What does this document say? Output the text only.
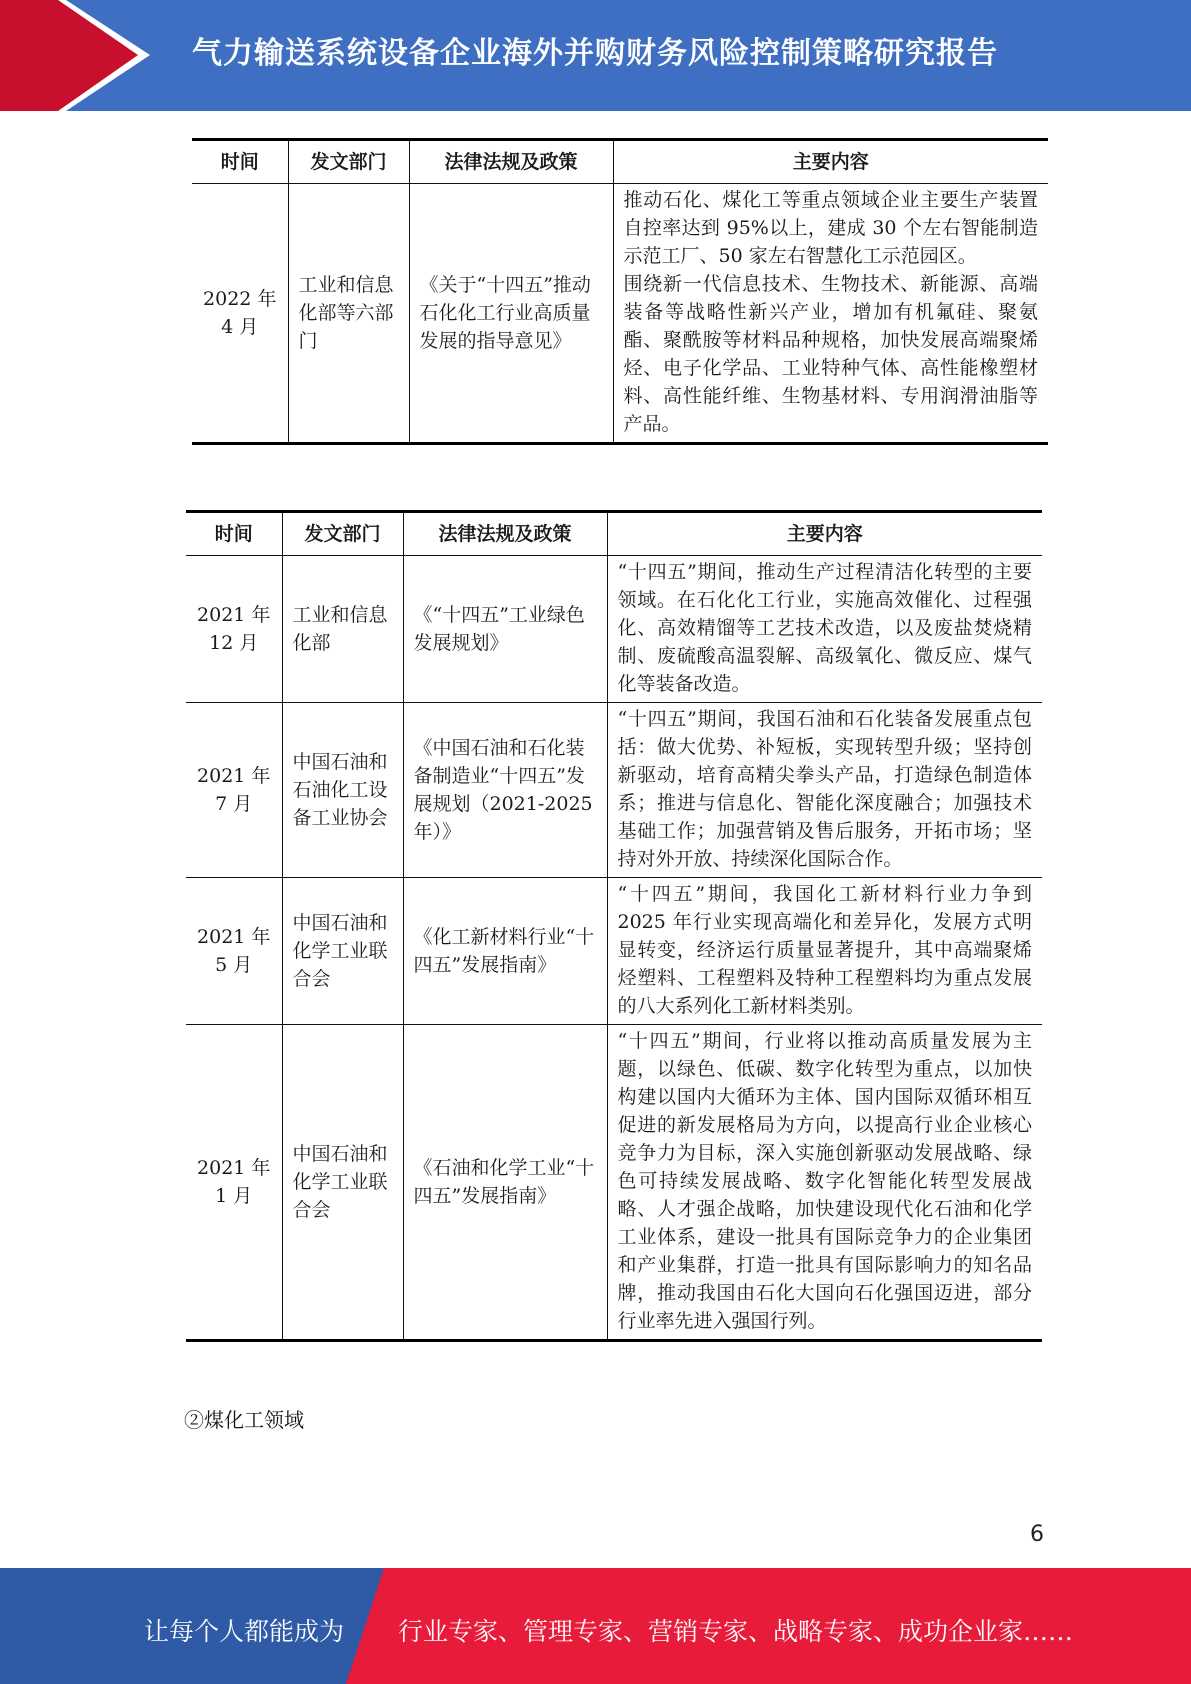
气力输送系统设备企业海外并购财务风险控制策略研究报告
时间	发文部门	法律法规及政策	主要内容
2022 年 4 月	工业和信息化部等六部门	《关于“十四五”推动石化化工行业高质量发展的指导意见》	推动石化、煤化工等重点领域企业主要生产装置自控率达到 95%以上，建成 30 个左右智能制造示范工厂、50 家左右智慧化工示范园区。
围绕新一代信息技术、生物技术、新能源、高端装备等战略性新兴产业，增加有机氟硅、聚氨酯、聚酰胺等材料品种规格，加快发展高端聚烯烃、电子化学品、工业特种气体、高性能橡塑材料、高性能纤维、生物基材料、专用润滑油脂等产品。
时间	发文部门	法律法规及政策	主要内容
2021 年 12 月	工业和信息化部	《“十四五”工业绿色发展规划》	“十四五”期间，推动生产过程清洁化转型的主要领域。在石化化工行业，实施高效催化、过程强化、高效精馏等工艺技术改造，以及废盐焚烧精制、废硫酸高温裂解、高级氧化、微反应、煤气化等装备改造。
2021 年 7 月	中国石油和石油化工设备工业协会	《中国石油和石化装备制造业“十四五”发展规划（2021-2025 年）》	“十四五”期间，我国石油和石化装备发展重点包括：做大优势、补短板，实现转型升级；坚持创新驱动，培育高精尖拳头产品，打造绿色制造体系；推进与信息化、智能化深度融合；加强技术基础工作；加强营销及售后服务，开拓市场；坚持对外开放、持续深化国际合作。
2021 年 5 月	中国石油和化学工业联合会	《化工新材料行业“十四五”发展指南》	“十四五”期间，我国化工新材料行业力争到 2025 年行业实现高端化和差异化，发展方式明显转变，经济运行质量显著提升，其中高端聚烯烃塑料、工程塑料及特种工程塑料均为重点发展的八大系列化工新材料类别。
2021 年 1 月	中国石油和化学工业联合会	《石油和化学工业“十四五”发展指南》	“十四五”期间，行业将以推动高质量发展为主题，以绿色、低碳、数字化转型为重点，以加快构建以国内大循环为主体、国内国际双循环相互促进的新发展格局为方向，以提高行业企业核心竞争力为目标，深入实施创新驱动发展战略、绿色可持续发展战略、数字化智能化转型发展战略、人才强企战略，加快建设现代化石油和化学工业体系，建设一批具有国际竞争力的企业集团和产业集群，打造一批具有国际影响力的知名品牌，推动我国由石化大国向石化强国迈进，部分行业率先进入强国行列。
②煤化工领域
6
让每个人都能成为 行业专家、管理专家、营销专家、战略专家、成功企业家……
